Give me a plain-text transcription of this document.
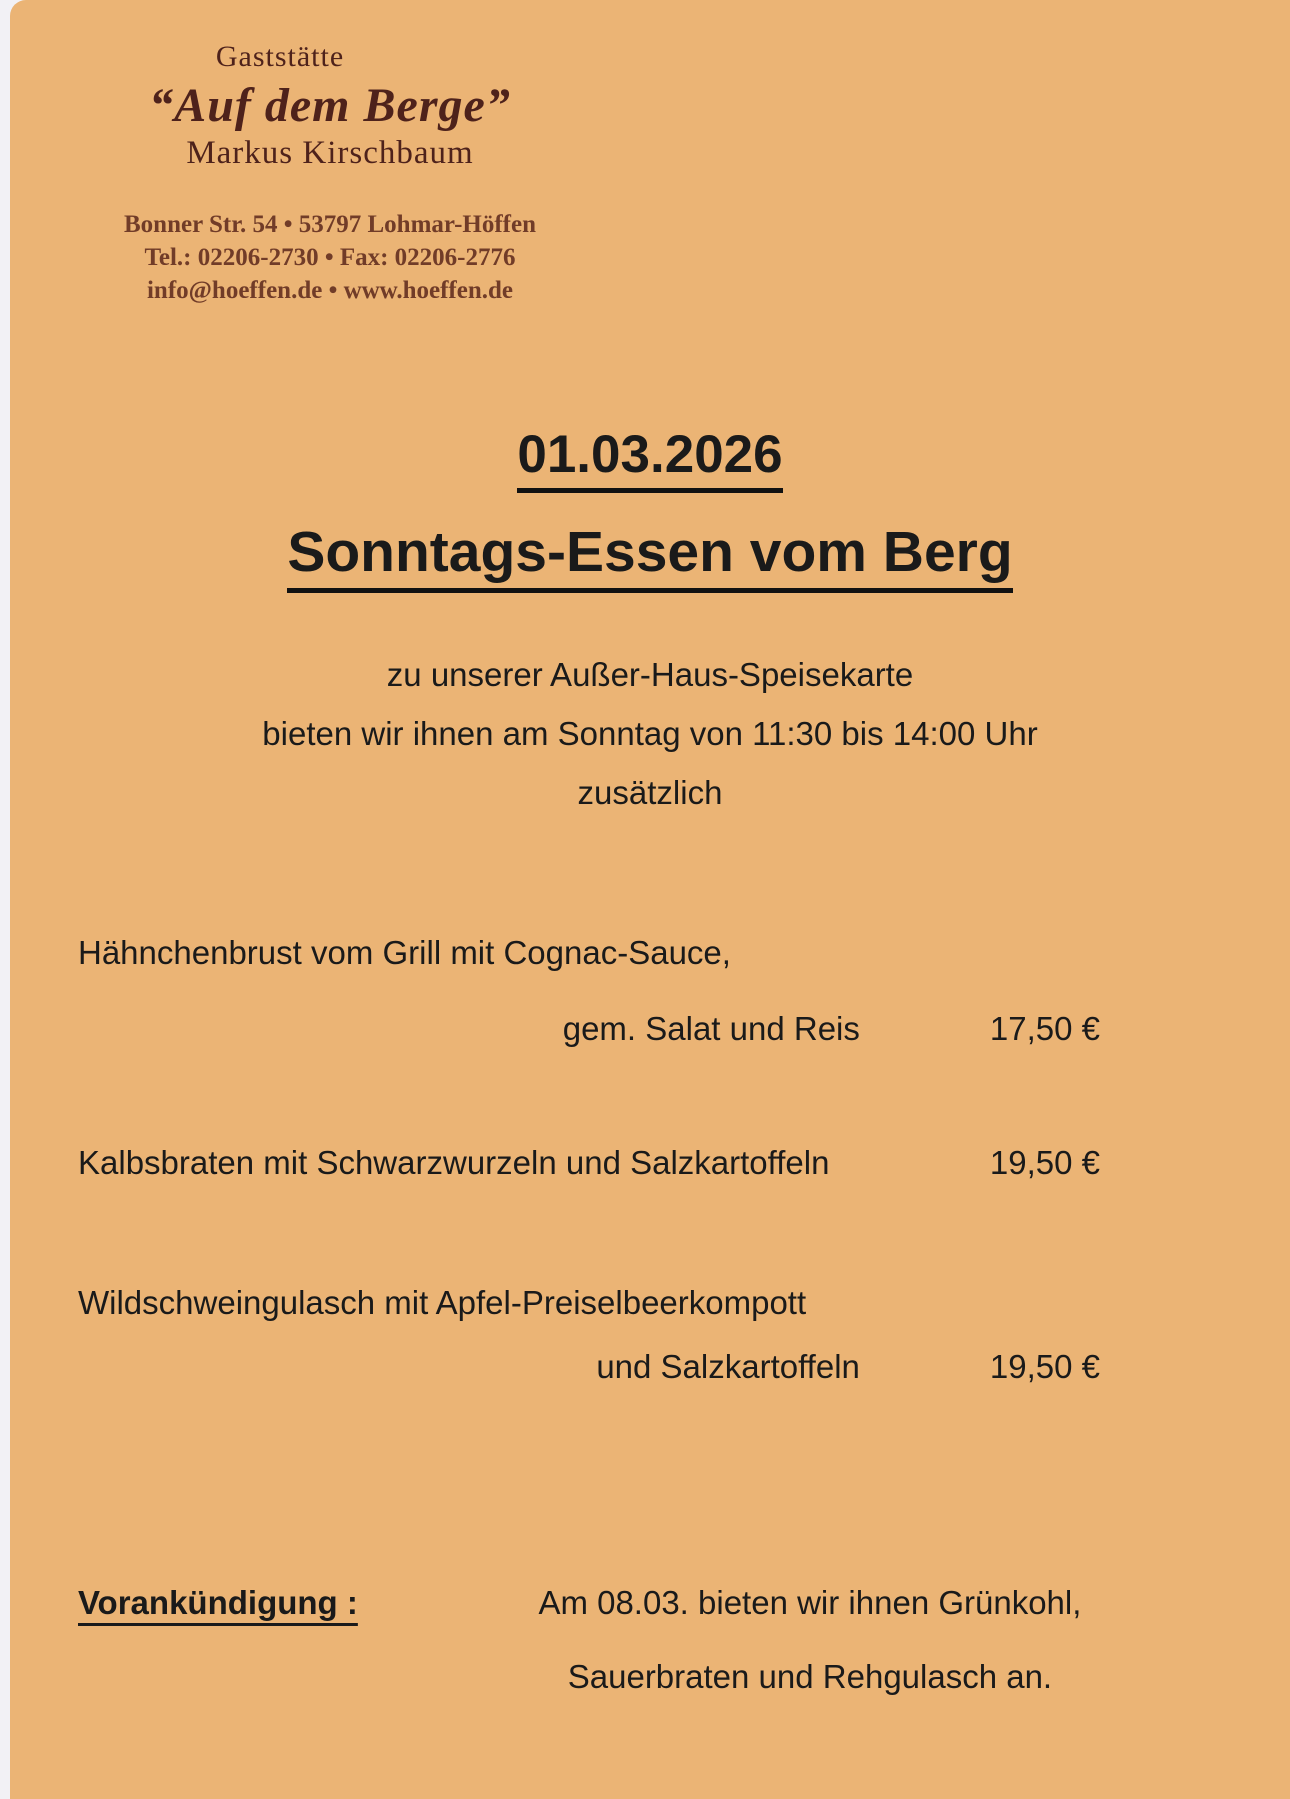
Gaststätte
“Auf dem Berge”
Markus Kirschbaum
Bonner Str. 54 • 53797 Lohmar-Höffen
Tel.: 02206-2730 • Fax: 02206-2776
info@hoeffen.de • www.hoeffen.de
01.03.2026
Sonntags-Essen vom Berg
zu unserer Außer-Haus-Speisekarte
bieten wir ihnen am Sonntag von 11:30 bis 14:00 Uhr
zusätzlich
Hähnchenbrust vom Grill mit Cognac-Sauce,
gem. Salat und Reis	17,50 €
Kalbsbraten mit Schwarzwurzeln und Salzkartoffeln	19,50 €
Wildschweingulasch mit Apfel-Preiselbeerkompott
und Salzkartoffeln	19,50 €
Vorankündigung :	Am 08.03. bieten wir ihnen Grünkohl,
Sauerbraten und Rehgulasch an.
